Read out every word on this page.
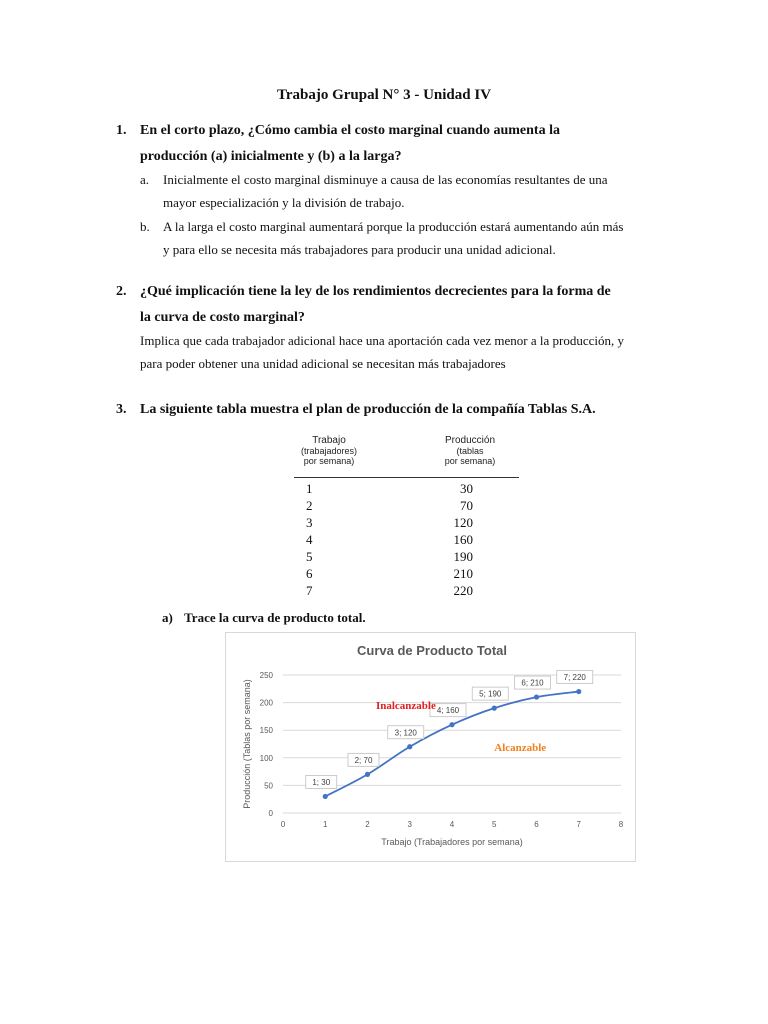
Trabajo Grupal N° 3 - Unidad IV
1. En el corto plazo, ¿Cómo cambia el costo marginal cuando aumenta la
producción (a) inicialmente y (b) a la larga?
a. Inicialmente el costo marginal disminuye a causa de las economías resultantes de una
mayor especialización y la división de trabajo.
b. A la larga el costo marginal aumentará porque la producción estará aumentando aún más
y para ello se necesita más trabajadores para producir una unidad adicional.
2. ¿Qué implicación tiene la ley de los rendimientos decrecientes para la forma de
la curva de costo marginal?
Implica que cada trabajador adicional hace una aportación cada vez menor a la producción, y
para poder obtener una unidad adicional se necesitan más trabajadores
3. La siguiente tabla muestra el plan de producción de la compañía Tablas S.A.
Trabajo
(trabajadores)
por semana)
Producción
(tablas
por semana)
1	30
2	70
3	120
4	160
5	190
6	210
7	220
a) Trace la curva de producto total.
Curva de Producto Total
0
50
100
150
200
250
0	1	2	3	4	5	6	7	8
Trabajo (Trabajadores por semana)
Producción (Tablas por semana)	1; 30
2; 70
3; 120
4; 160
5; 190
6; 210
7; 220
Inalcanzable
Alcanzable
